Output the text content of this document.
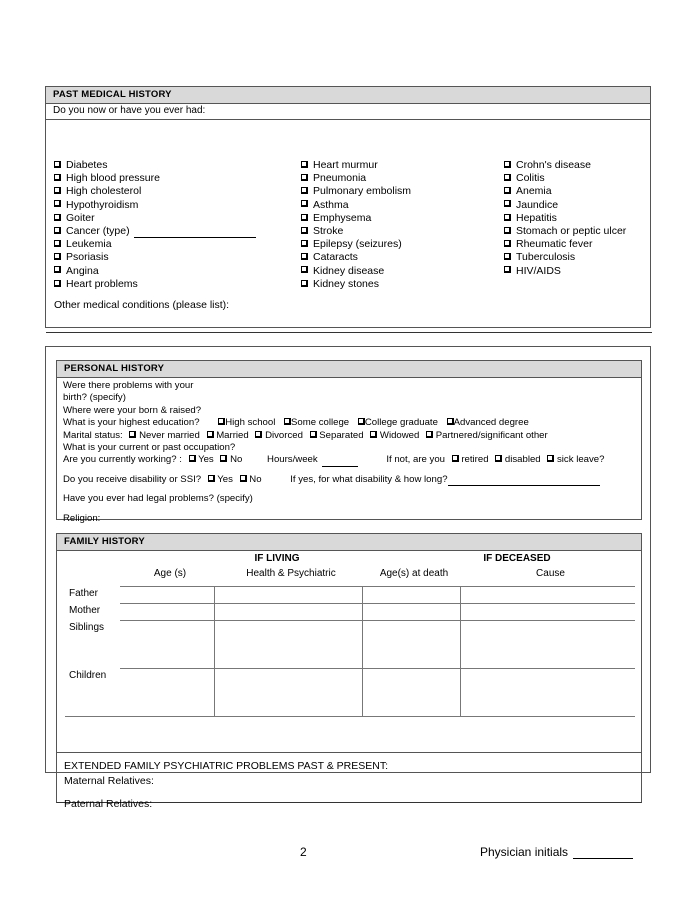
PAST MEDICAL HISTORY
Do you now or have you ever had:
Diabetes
High blood pressure
High cholesterol
Hypothyroidism
Goiter
Cancer (type)
Leukemia
Psoriasis
Angina
Heart problems
Heart murmur
Pneumonia
Pulmonary embolism
Asthma
Emphysema
Stroke
Epilepsy (seizures)
Cataracts
Kidney disease
Kidney stones
Crohn's disease
Colitis
Anemia
Jaundice
Hepatitis
Stomach or peptic ulcer
Rheumatic fever
Tuberculosis
HIV/AIDS
Other medical conditions (please list):
PERSONAL HISTORY
Were there problems with your
birth? (specify)
Where were your born & raised?
What is your highest education?	High school Some college College graduate Advanced degree
Marital status: Never married Married Divorced Separated Widowed Partnered/significant other
What is your current or past occupation?
Are you currently working? : Yes No	Hours/week	If not, are you retired disabled sick leave?
Do you receive disability or SSI? Yes No	If yes, for what disability & how long?
Have you ever had legal problems? (specify)
Religion:
FAMILY HISTORY
IF LIVING	IF DECEASED
Age (s)	Health & Psychiatric	Age(s) at death	Cause
Father				
Mother				
Siblings				
Children				
EXTENDED FAMILY PSYCHIATRIC PROBLEMS PAST & PRESENT:
Maternal Relatives:
Paternal Relatives:
2	Physician initials
